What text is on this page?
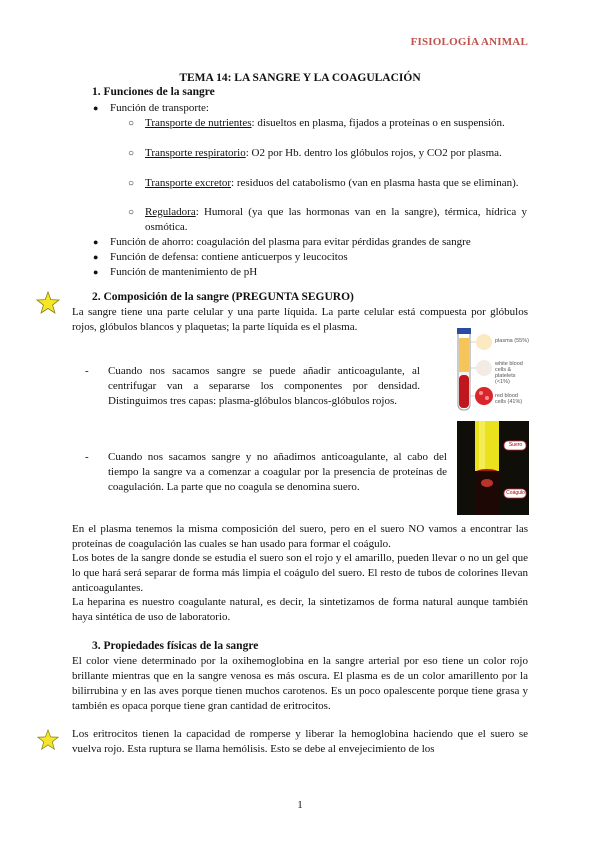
FISIOLOGÍA ANIMAL
TEMA 14: LA SANGRE Y LA COAGULACIÓN
1. Funciones de la sangre
● Función de transporte:
○ Transporte de nutrientes: disueltos en plasma, fijados a proteínas o en suspensión.
○ Transporte respiratorio: O2 por Hb. dentro los glóbulos rojos, y CO2 por plasma.
○ Transporte excretor: residuos del catabolismo (van en plasma hasta que se eliminan).
○ Reguladora: Humoral (ya que las hormonas van en la sangre), térmica, hídrica y osmótica.
● Función de ahorro: coagulación del plasma para evitar pérdidas grandes de sangre
● Función de defensa: contiene anticuerpos y leucocitos
● Función de mantenimiento de pH
2. Composición de la sangre (PREGUNTA SEGURO)
La sangre tiene una parte celular y una parte líquida. La parte celular está compuesta por glóbulos rojos, glóbulos blancos y plaquetas; la parte líquida es el plasma.
- Cuando nos sacamos sangre se puede añadir anticoagulante, al centrifugar van a separarse los componentes por densidad. Distinguimos tres capas: plasma-glóbulos blancos-glóbulos rojos.
plasma (55%)
white blood cells & platelets (<1%)
red blood cells (41%)
- Cuando nos sacamos sangre y no añadimos anticoagulante, al cabo del tiempo la sangre va a comenzar a coagular por la presencia de proteínas de coagulación. La parte que no coagula se denomina suero.
Suero
Coágulo
En el plasma tenemos la misma composición del suero, pero en el suero NO vamos a encontrar las proteínas de coagulación las cuales se han usado para formar el coágulo.
Los botes de la sangre donde se estudia el suero son el rojo y el amarillo, pueden llevar o no un gel que lo que hará será separar de forma más limpia el coágulo del suero. El resto de tubos de colorines llevan anticoagulantes.
La heparina es nuestro coagulante natural, es decir, la sintetizamos de forma natural aunque también haya sintética de uso de laboratorio.
3. Propiedades físicas de la sangre
El color viene determinado por la oxihemoglobina en la sangre arterial por eso tiene un color rojo brillante mientras que en la sangre venosa es más oscura. El plasma es de un color amarillento por la bilirrubina y en las aves porque tienen muchos carotenos. Es un poco opalescente porque tiene grasa y también es opaca porque tiene gran cantidad de eritrocitos.
Los eritrocitos tienen la capacidad de romperse y liberar la hemoglobina haciendo que el suero se vuelva rojo. Esta ruptura se llama hemólisis. Esto se debe al envejecimiento de los
1
